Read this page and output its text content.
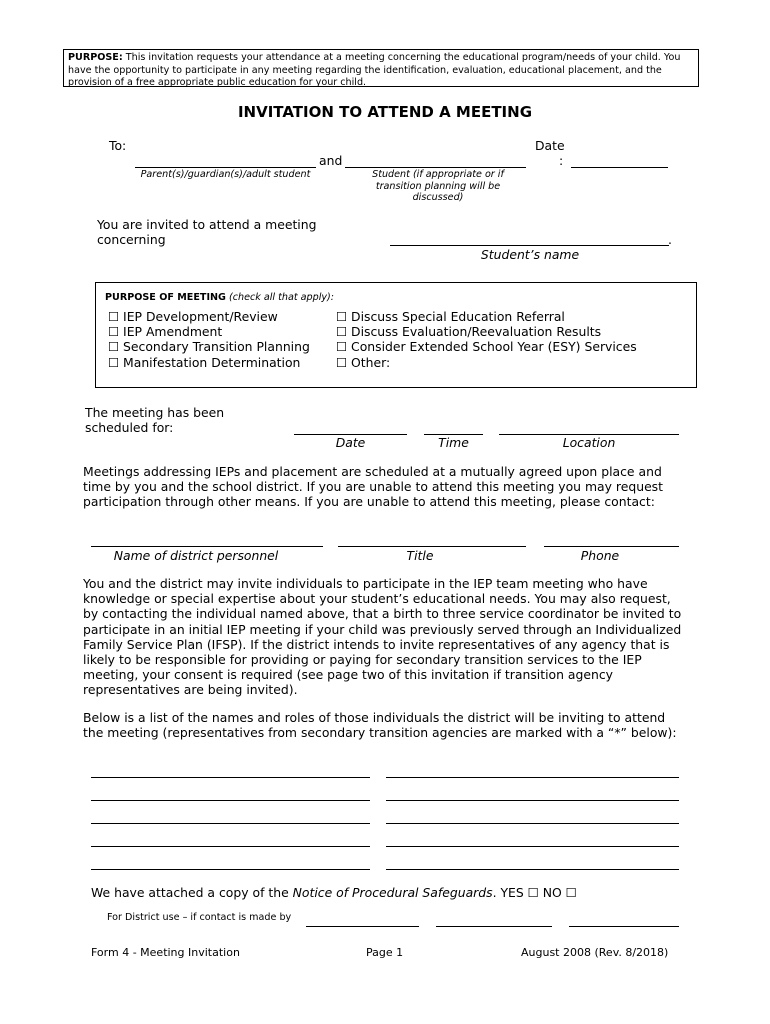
PURPOSE: This invitation requests your attendance at a meeting concerning the educational program/needs of your child. You have the opportunity to participate in any meeting regarding the identification, evaluation, educational placement, and the provision of a free appropriate public education for your child.
INVITATION TO ATTEND A MEETING
To:
and
Date
:
Parent(s)/guardian(s)/adult student	Student (if appropriate or if transition planning will be discussed)
You are invited to attend a meeting concerning	.
Student’s name
PURPOSE OF MEETING (check all that apply):
☐ IEP Development/Review
☐ IEP Amendment
☐ Secondary Transition Planning
☐ Manifestation Determination
☐ Discuss Special Education Referral
☐ Discuss Evaluation/Reevaluation Results
☐ Consider Extended School Year (ESY) Services
☐ Other:
The meeting has been scheduled for:
Date	Time	Location
Meetings addressing IEPs and placement are scheduled at a mutually agreed upon place and time by you and the school district. If you are unable to attend this meeting you may request participation through other means. If you are unable to attend this meeting, please contact:
Name of district personnel	Title	Phone
You and the district may invite individuals to participate in the IEP team meeting who have knowledge or special expertise about your student’s educational needs. You may also request, by contacting the individual named above, that a birth to three service coordinator be invited to participate in an initial IEP meeting if your child was previously served through an Individualized Family Service Plan (IFSP). If the district intends to invite representatives of any agency that is likely to be responsible for providing or paying for secondary transition services to the IEP meeting, your consent is required (see page two of this invitation if transition agency representatives are being invited).
Below is a list of the names and roles of those individuals the district will be inviting to attend the meeting (representatives from secondary transition agencies are marked with a “*” below):
We have attached a copy of the Notice of Procedural Safeguards. YES ☐ NO ☐
For District use – if contact is made by
Form 4 - Meeting Invitation	Page 1	August 2008 (Rev. 8/2018)
